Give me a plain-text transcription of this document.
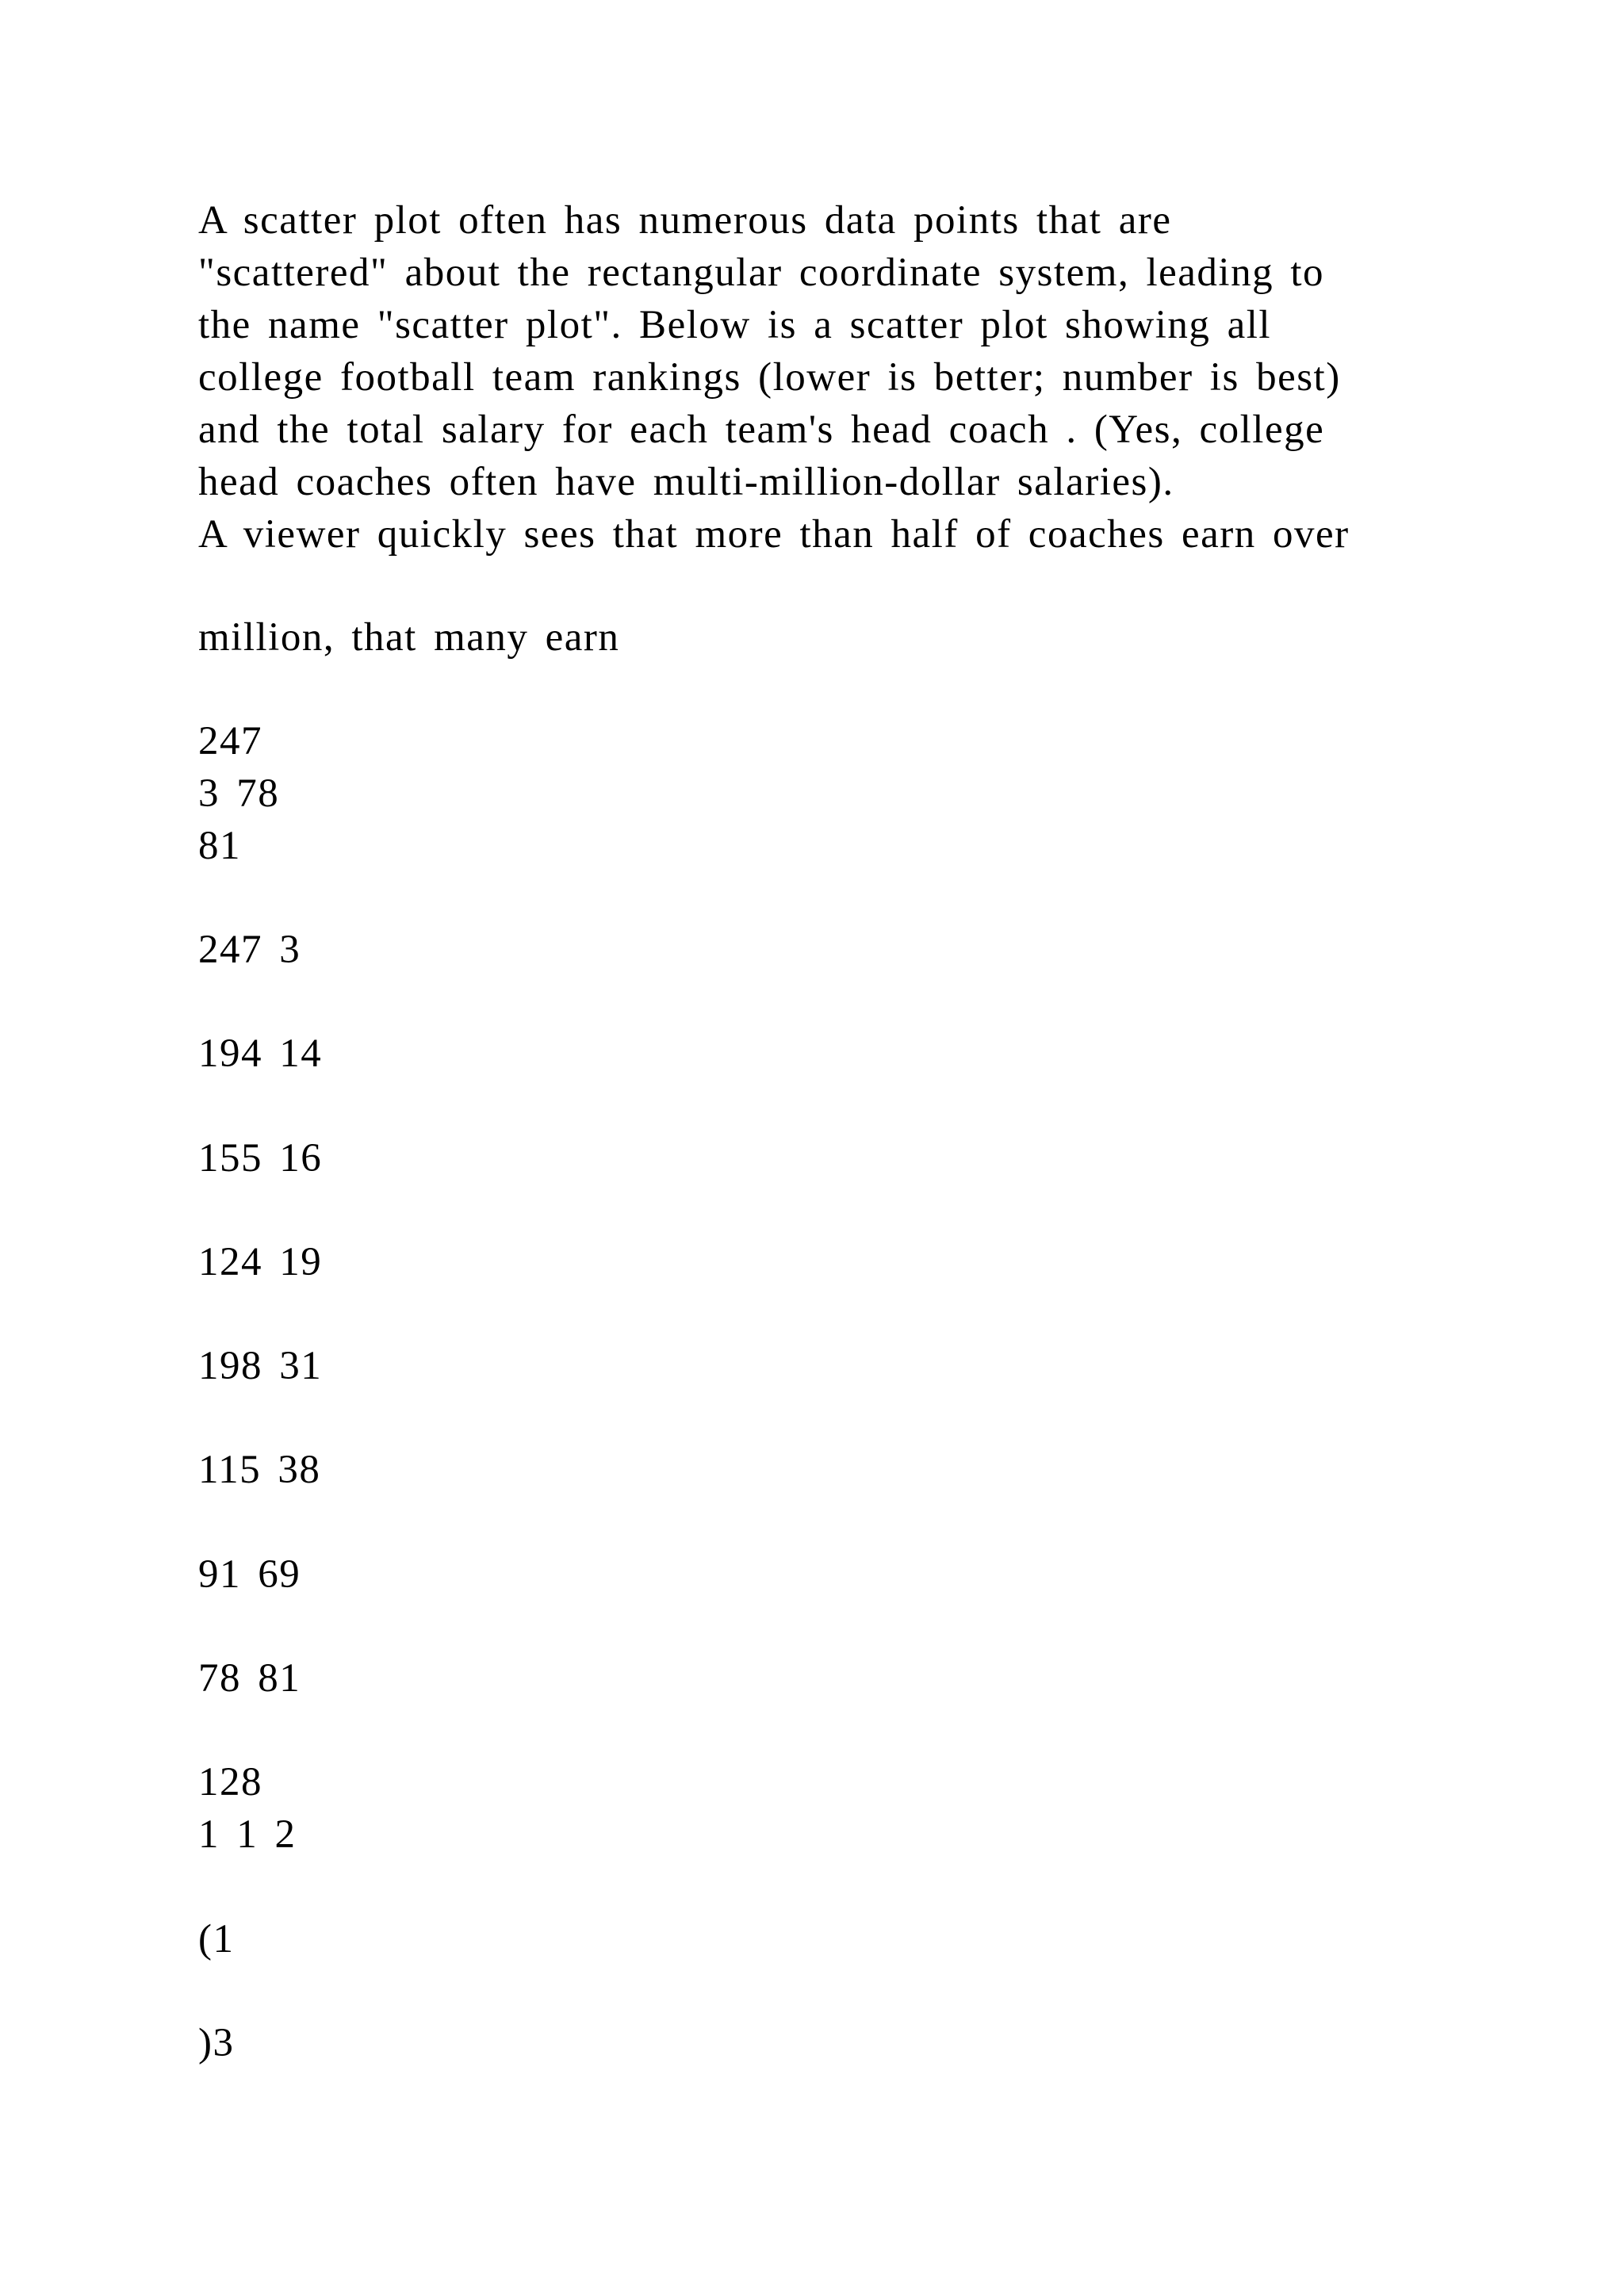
A scatter plot often has numerous data points that are
"scattered" about the rectangular coordinate system, leading to
the name "scatter plot". Below is a scatter plot showing all
college football team rankings (lower is better; number is best)
and the total salary for each team's head coach . (Yes, college
head coaches often have multi-million-dollar salaries).
A viewer quickly sees that more than half of coaches earn over
million, that many earn
247
3 78
81
247 3
194 14
155 16
124 19
198 31
115 38
91 69
78 81
128
1 1 2
(1
)3
